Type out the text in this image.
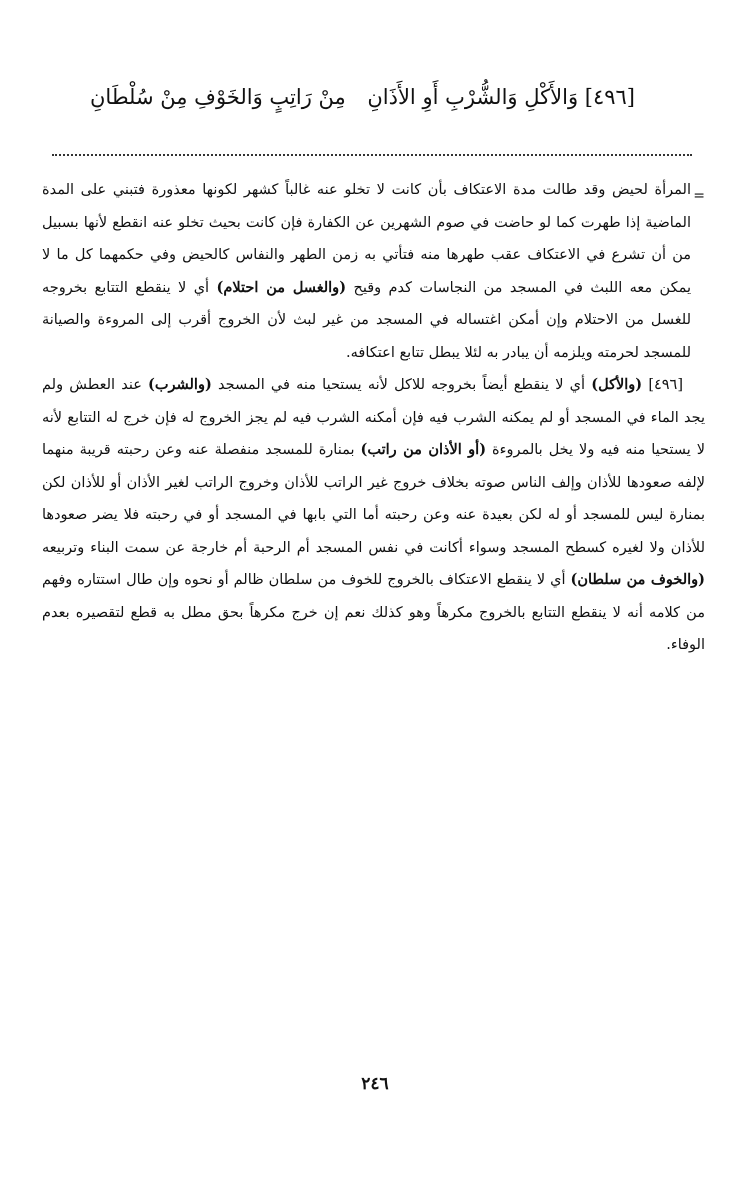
[٤٩٦] وَالأَكْلِ وَالشُّرْبِ أَوِ الأَذَانِ
مِنْ رَاتِبٍ وَالخَوْفِ مِنْ سُلْطَانِ
=

المرأة لحيض وقد طالت مدة الاعتكاف بأن كانت لا تخلو عنه غالباً كشهر لكونها معذورة فتبني على المدة الماضية إذا طهرت كما لو حاضت في صوم الشهرين عن الكفارة فإن كانت بحيث تخلو عنه انقطع لأنها بسبيل من أن تشرع في الاعتكاف عقب طهرها منه فتأتي به زمن الطهر والنفاس كالحيض وفي حكمهما كل ما لا يمكن معه اللبث في المسجد من النجاسات كدم وقيح (والغسل من احتلام) أي لا ينقطع التتابع بخروجه للغسل من الاحتلام وإن أمكن اغتساله في المسجد من غير لبث لأن الخروج أقرب إلى المروءة والصيانة للمسجد لحرمته ويلزمه أن يبادر به لئلا يبطل تتابع اعتكافه.

[٤٩٦] (والأكل) أي لا ينقطع أيضاً بخروجه للاكل لأنه يستحيا منه في المسجد (والشرب) عند العطش ولم يجد الماء في المسجد أو لم يمكنه الشرب فيه فإن أمكنه الشرب فيه لم يجز الخروج له فإن خرج له التتابع لأنه لا يستحيا منه فيه ولا يخل بالمروءة (أو الأذان من راتب) بمنارة للمسجد منفصلة عنه وعن رحبته قريبة منهما لإلفه صعودها للأذان وإلف الناس صوته بخلاف خروج غير الراتب للأذان وخروج الراتب لغير الأذان أو للأذان لكن بمنارة ليس للمسجد أو له لكن بعيدة عنه وعن رحبته أما التي بابها في المسجد أو في رحبته فلا يضر صعودها للأذان ولا لغيره كسطح المسجد وسواء أكانت في نفس المسجد أم الرحبة أم خارجة عن سمت البناء وتربيعه (والخوف من سلطان) أي لا ينقطع الاعتكاف بالخروج للخوف من سلطان ظالم أو نحوه وإن طال استتاره وفهم من كلامه أنه لا ينقطع التتابع بالخروج مكرهاً وهو كذلك نعم إن خرج مكرهاً بحق مطل به قطع لتقصيره بعدم الوفاء.

٢٤٦
